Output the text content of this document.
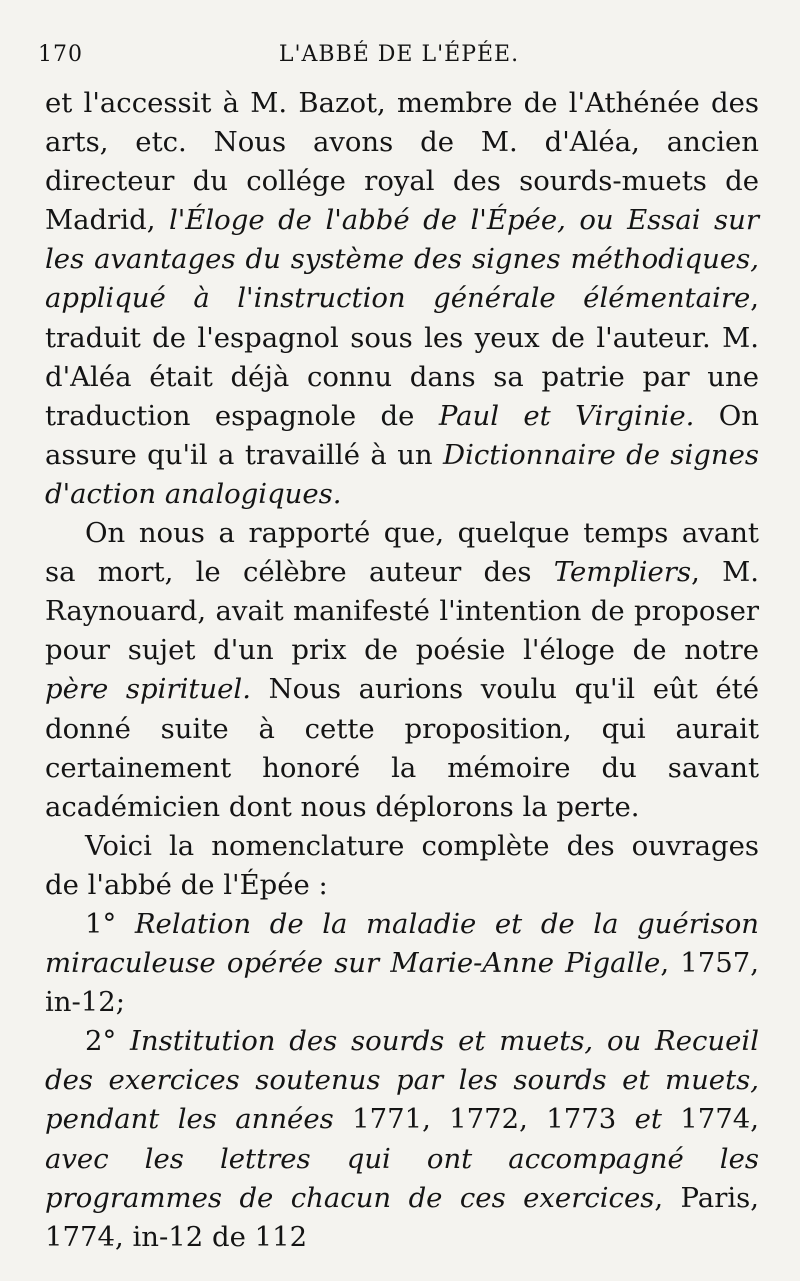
170	L'ABBÉ DE L'ÉPÉE.

et l'accessit à M. Bazot, membre de l'Athénée des arts, etc. Nous avons de M. d'Aléa, ancien directeur du collége royal des sourds-muets de Madrid, l'Éloge de l'abbé de l'Épée, ou Essai sur les avantages du système des signes méthodiques, appliqué à l'instruction générale élémentaire, traduit de l'espagnol sous les yeux de l'auteur. M. d'Aléa était déjà connu dans sa patrie par une traduction espagnole de Paul et Virginie. On assure qu'il a travaillé à un Dictionnaire de signes d'action analogiques.

On nous a rapporté que, quelque temps avant sa mort, le célèbre auteur des Templiers, M. Raynouard, avait manifesté l'intention de proposer pour sujet d'un prix de poésie l'éloge de notre père spirituel. Nous aurions voulu qu'il eût été donné suite à cette proposition, qui aurait certainement honoré la mémoire du savant académicien dont nous déplorons la perte.

Voici la nomenclature complète des ouvrages de l'abbé de l'Épée :

1° Relation de la maladie et de la guérison miraculeuse opérée sur Marie-Anne Pigalle, 1757, in-12;

2° Institution des sourds et muets, ou Recueil des exercices soutenus par les sourds et muets, pendant les années 1771, 1772, 1773 et 1774, avec les lettres qui ont accompagné les programmes de chacun de ces exercices, Paris, 1774, in-12 de 112
